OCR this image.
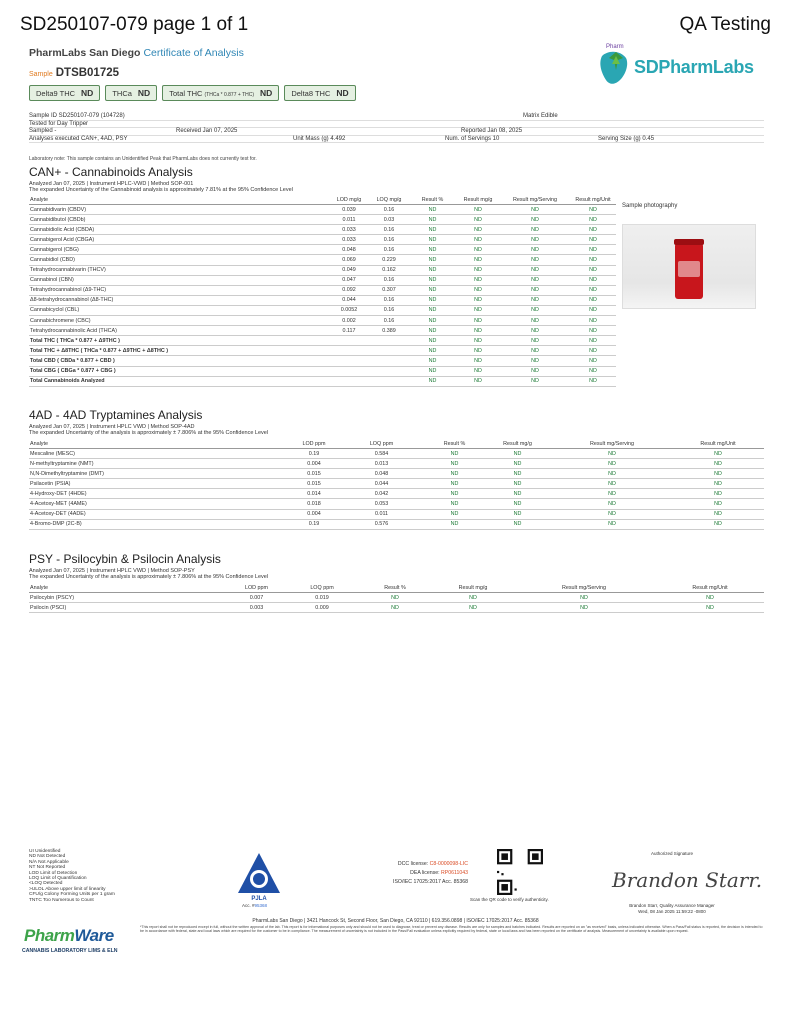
SD250107-079 page 1 of 1	QA Testing
PharmLabs San Diego Certificate of Analysis
Sample DTSB01725
Pharm
SDPharmLabs
Delta9 THC ND	THCa ND	Total THC (THCa * 0.877 + THC) ND	Delta8 THC ND
Sample ID SD250107-079 (104728)	Matrix Edible
Tested for Day Tripper
Sampled -	Received Jan 07, 2025	Reported Jan 08, 2025
Analyses executed CAN+, 4AD, PSY	Unit Mass (g) 4.492	Num. of Servings 10	Serving Size (g) 0.45
Laboratory note: This sample contains an Unidentified Peak that PharmLabs does not currently test for.
CAN+ - Cannabinoids Analysis
Analyzed Jan 07, 2025 | Instrument HPLC-VWD | Method SOP-001
The expanded Uncertainty of the Cannabinoid analysis is approximately 7.81% at the 95% Confidence Level
Analyte	LOD mg/g	LOQ mg/g	Result %	Result mg/g	Result mg/Serving	Result mg/Unit
Cannabidivarin (CBDV)	0.039	0.16	ND	ND	ND	ND
Cannabidibutol (CBDb)	0.011	0.03	ND	ND	ND	ND
Cannabidiolic Acid (CBDA)	0.033	0.16	ND	ND	ND	ND
Cannabigerol Acid (CBGA)	0.033	0.16	ND	ND	ND	ND
Cannabigerol (CBG)	0.048	0.16	ND	ND	ND	ND
Cannabidiol (CBD)	0.069	0.229	ND	ND	ND	ND
Tetrahydrocannabivarin (THCV)	0.049	0.162	ND	ND	ND	ND
Cannabinol (CBN)	0.047	0.16	ND	ND	ND	ND
Tetrahydrocannabinol (Δ9-THC)	0.092	0.307	ND	ND	ND	ND
Δ8-tetrahydrocannabinol (Δ8-THC)	0.044	0.16	ND	ND	ND	ND
Cannabicyclol (CBL)	0.0052	0.16	ND	ND	ND	ND
Cannabichromene (CBC)	0.002	0.16	ND	ND	ND	ND
Tetrahydrocannabinolic Acid (THCA)	0.117	0.389	ND	ND	ND	ND
Total THC ( THCa * 0.877 + Δ9THC )			ND	ND	ND	ND
Total THC + Δ8THC ( THCa * 0.877 + Δ9THC + Δ8THC )			ND	ND	ND	ND
Total CBD ( CBDa * 0.877 + CBD )			ND	ND	ND	ND
Total CBG ( CBGa * 0.877 + CBG )			ND	ND	ND	ND
Total Cannabinoids Analyzed			ND	ND	ND	ND
Sample photography
4AD - 4AD Tryptamines Analysis
Analyzed Jan 07, 2025 | Instrument HPLC VWD | Method SOP-4AD
The expanded Uncertainty of the analysis is approximately ± 7.806% at the 95% Confidence Level
Analyte	LOD ppm	LOQ ppm	Result %	Result mg/g	Result mg/Serving	Result mg/Unit
Mescaline (MESC)	0.19	0.584	ND	ND	ND	ND
N-methyltryptamine (NMT)	0.004	0.013	ND	ND	ND	ND
N,N-Dimethyltryptamine (DMT)	0.015	0.048	ND	ND	ND	ND
Psilacetin (PSIA)	0.015	0.044	ND	ND	ND	ND
4-Hydroxy-DET (4HDE)	0.014	0.042	ND	ND	ND	ND
4-Acetoxy-MET (4AME)	0.018	0.053	ND	ND	ND	ND
4-Acetoxy-DET (4ADE)	0.004	0.011	ND	ND	ND	ND
4-Bromo-DMP (2C-B)	0.19	0.576	ND	ND	ND	ND
PSY - Psilocybin & Psilocin Analysis
Analyzed Jan 07, 2025 | Instrument HPLC VWD | Method SOP-PSY
The expanded Uncertainty of the analysis is approximately ± 7.806% at the 95% Confidence Level
Analyte	LOD ppm	LOQ ppm	Result %	Result mg/g	Result mg/Serving	Result mg/Unit
Psilocybin (PSCY)	0.007	0.019	ND	ND	ND	ND
Psilocin (PSCI)	0.003	0.009	ND	ND	ND	ND
UI Unidentified
ND Not Detected
N/A Not Applicable
NT Not Reported
LOD Limit of Detection
LOQ Limit of Quantification
<LOQ Detected
>ULOL Above upper limit of linearity
CFU/g Colony Forming Units per 1 gram
TNTC Too Numerous to Count	PJLA
Acc. #95368
DCC license: C8-0000098-LIC
DEA license: RP0611043
ISO/IEC 17025:2017 Acc. 85368
Scan the QR code to verify authenticity.
Authorized Signature
Brandon Starr.
Brandon Starr, Quality Assurance Manager
Wed, 08 Jan 2025 11:59:22 -0800
PharmLabs San Diego | 3421 Hancock St, Second Floor, San Diego, CA 92110 | 619.356.0898 | ISO/IEC 17025:2017 Acc. 85368
*This report shall not be reproduced except in full, without the written approval of the lab. This report is for informational purposes only and should not be used to diagnose, treat or prevent any disease. Results are only for samples and batches indicated. Results are reported on an "as received" basis, unless indicated otherwise. When a Pass/Fail status is reported, the decision is intended to be in accordance with federal, state and local laws which are required for the customer to be in compliance. The measurement of uncertainty is not included in the Pass/Fail evaluation unless explicitly required by federal, state or local laws and has been reported on the certificate of analysis. Measurement of uncertainty is available upon request.
PharmWare
CANNABIS LABORATORY LIMS & ELN
